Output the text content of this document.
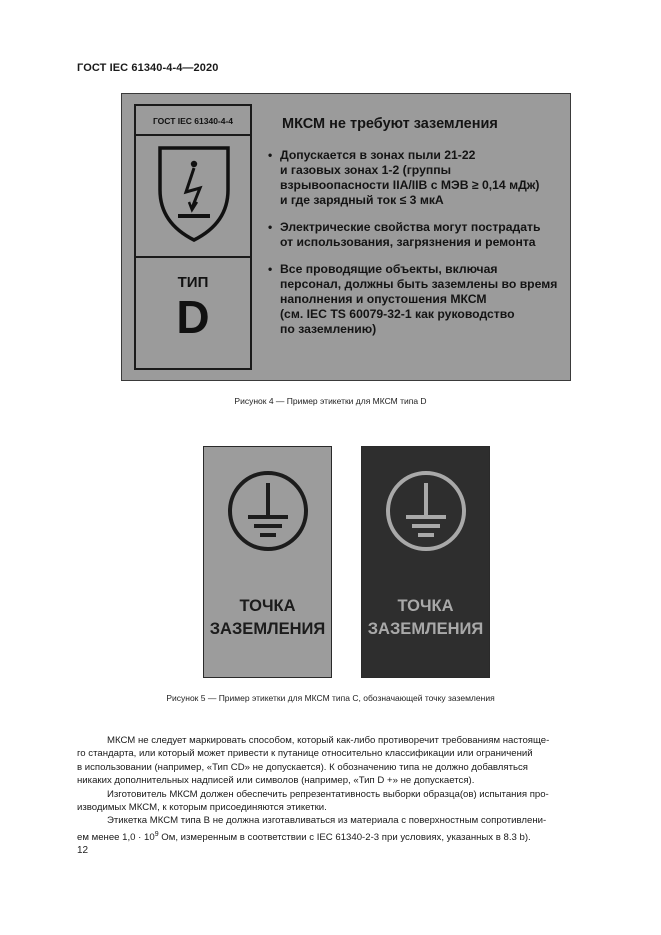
ГОСТ IEC 61340-4-4—2020
ГОСТ IEC 61340-4-4
ТИП
D
МКСМ не требуют заземления
• Допускается в зонах пыли 21-22
и газовых зонах 1-2 (группы
взрывоопасности IIA/IIB с МЭВ ≥ 0,14 мДж)
и где зарядный ток ≤ 3 мкА
• Электрические свойства могут пострадать
от использования, загрязнения и ремонта
• Все проводящие объекты, включая
персонал, должны быть заземлены во время
наполнения и опустошения МКСМ
(см. IEC TS 60079-32-1 как руководство
по заземлению)
Рисунок 4 — Пример этикетки для МКСМ типа D
ТОЧКА
ЗАЗЕМЛЕНИЯ
ТОЧКА
ЗАЗЕМЛЕНИЯ
Рисунок 5 — Пример этикетки для МКСМ типа С, обозначающей точку заземления
МКСМ не следует маркировать способом, который как-либо противоречит требованиям настояще-
го стандарта, или который может привести к путанице относительно классификации или ограничений
в использовании (например, «Тип CD» не допускается). К обозначению типа не должно добавляться
никаких дополнительных надписей или символов (например, «Тип D +» не допускается).
Изготовитель МКСМ должен обеспечить репрезентативность выборки образца(ов) испытания про-
изводимых МКСМ, к которым присоединяются этикетки.
Этикетка МКСМ типа В не должна изготавливаться из материала с поверхностным сопротивлени-
ем менее $1,0 \cdot 10^9$ Ом, измеренным в соответствии с IEC 61340-2-3 при условиях, указанных в 8.3 b).
12
